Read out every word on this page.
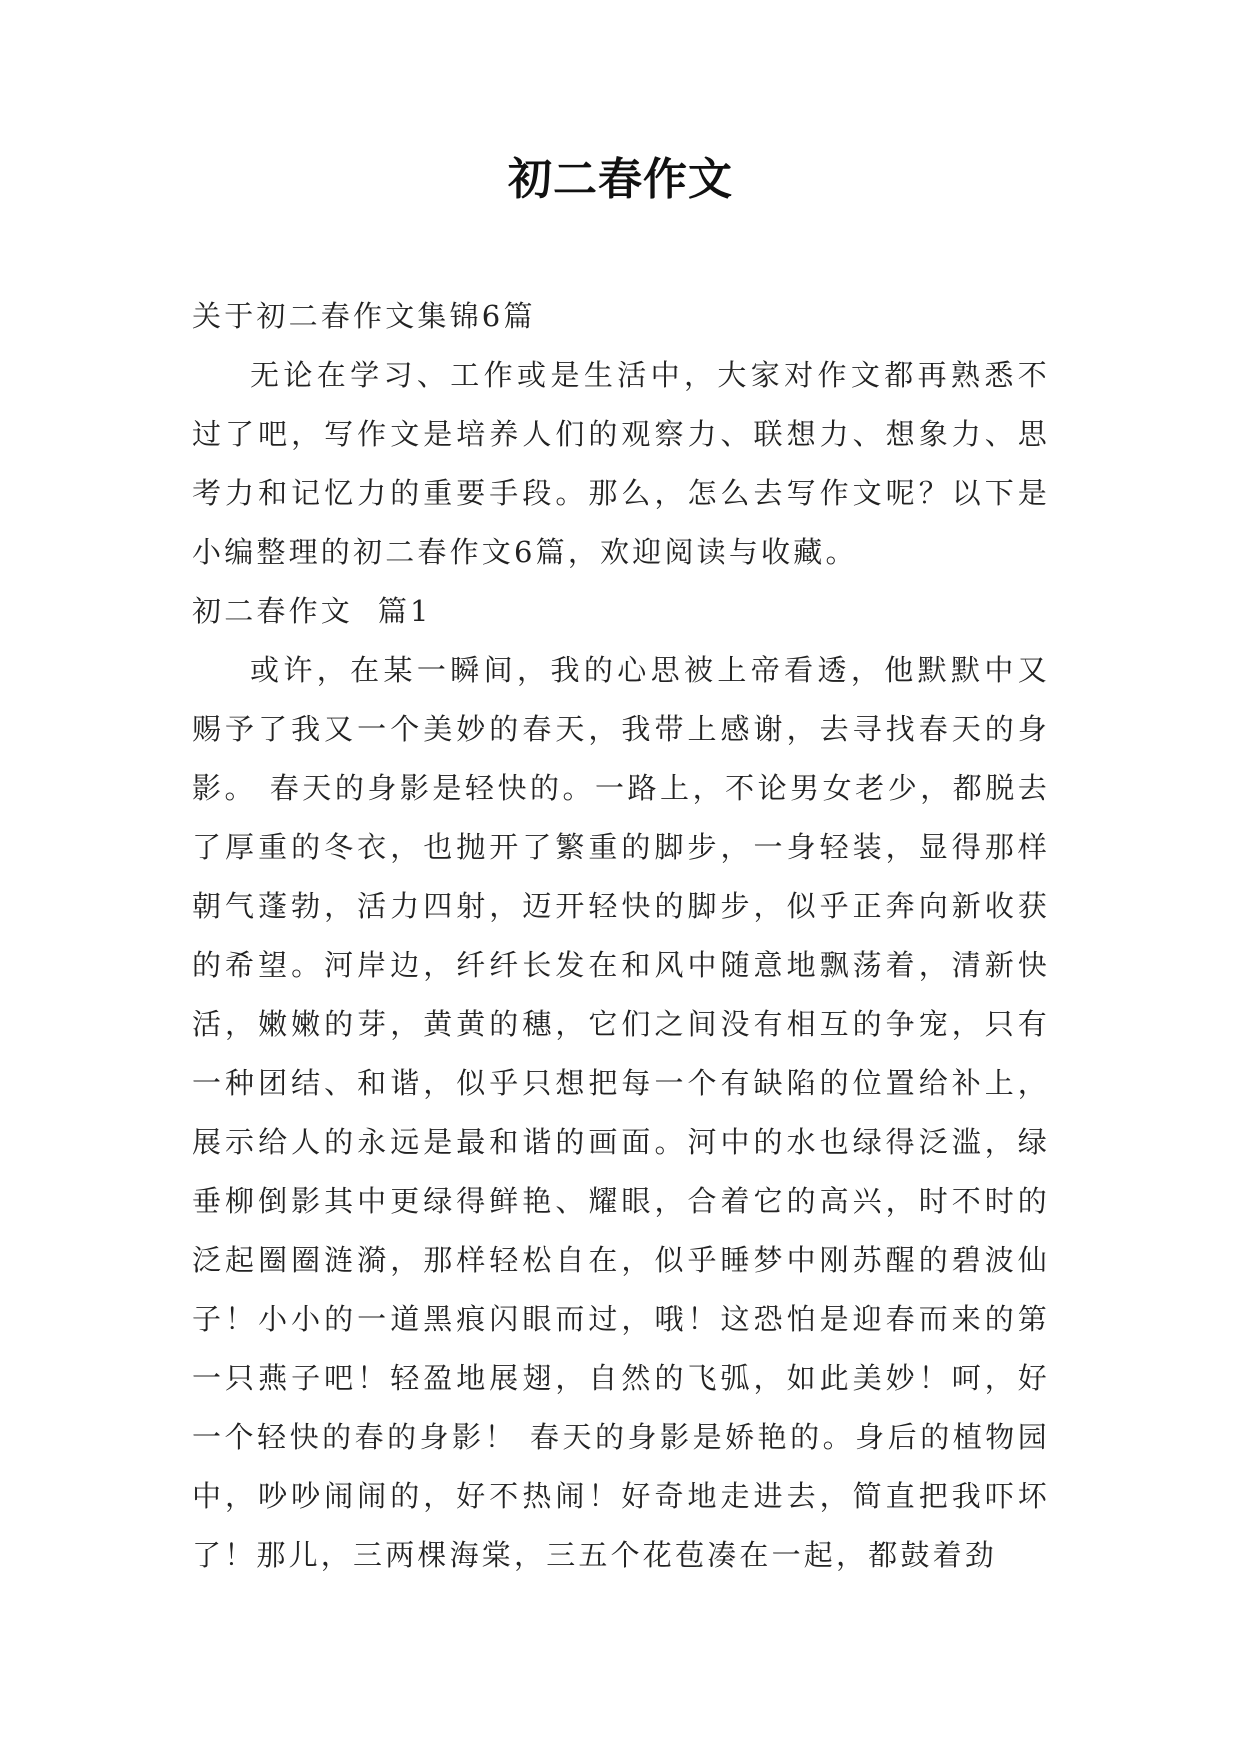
初二春作文

关于初二春作文集锦6篇

无论在学习、工作或是生活中，大家对作文都再熟悉不过了吧，写作文是培养人们的观察力、联想力、想象力、思考力和记忆力的重要手段。那么，怎么去写作文呢？以下是小编整理的初二春作文6篇，欢迎阅读与收藏。

初二春作文  篇1

或许，在某一瞬间，我的心思被上帝看透，他默默中又赐予了我又一个美妙的春天，我带上感谢，去寻找春天的身影。 春天的身影是轻快的。一路上，不论男女老少，都脱去了厚重的冬衣，也抛开了繁重的脚步，一身轻装，显得那样朝气蓬勃，活力四射，迈开轻快的脚步，似乎正奔向新收获的希望。河岸边，纤纤长发在和风中随意地飘荡着，清新快活，嫩嫩的芽，黄黄的穗，它们之间没有相互的争宠，只有一种团结、和谐，似乎只想把每一个有缺陷的位置给补上，展示给人的永远是最和谐的画面。河中的水也绿得泛滥，绿垂柳倒影其中更绿得鲜艳、耀眼，合着它的高兴，时不时的泛起圈圈涟漪，那样轻松自在，似乎睡梦中刚苏醒的碧波仙子！小小的一道黑痕闪眼而过，哦！这恐怕是迎春而来的第一只燕子吧！轻盈地展翅，自然的飞弧，如此美妙！呵，好一个轻快的春的身影！ 春天的身影是娇艳的。身后的植物园中，吵吵闹闹的，好不热闹！好奇地走进去，简直把我吓坏了！那儿，三两棵海棠，三五个花苞凑在一起，都鼓着劲
